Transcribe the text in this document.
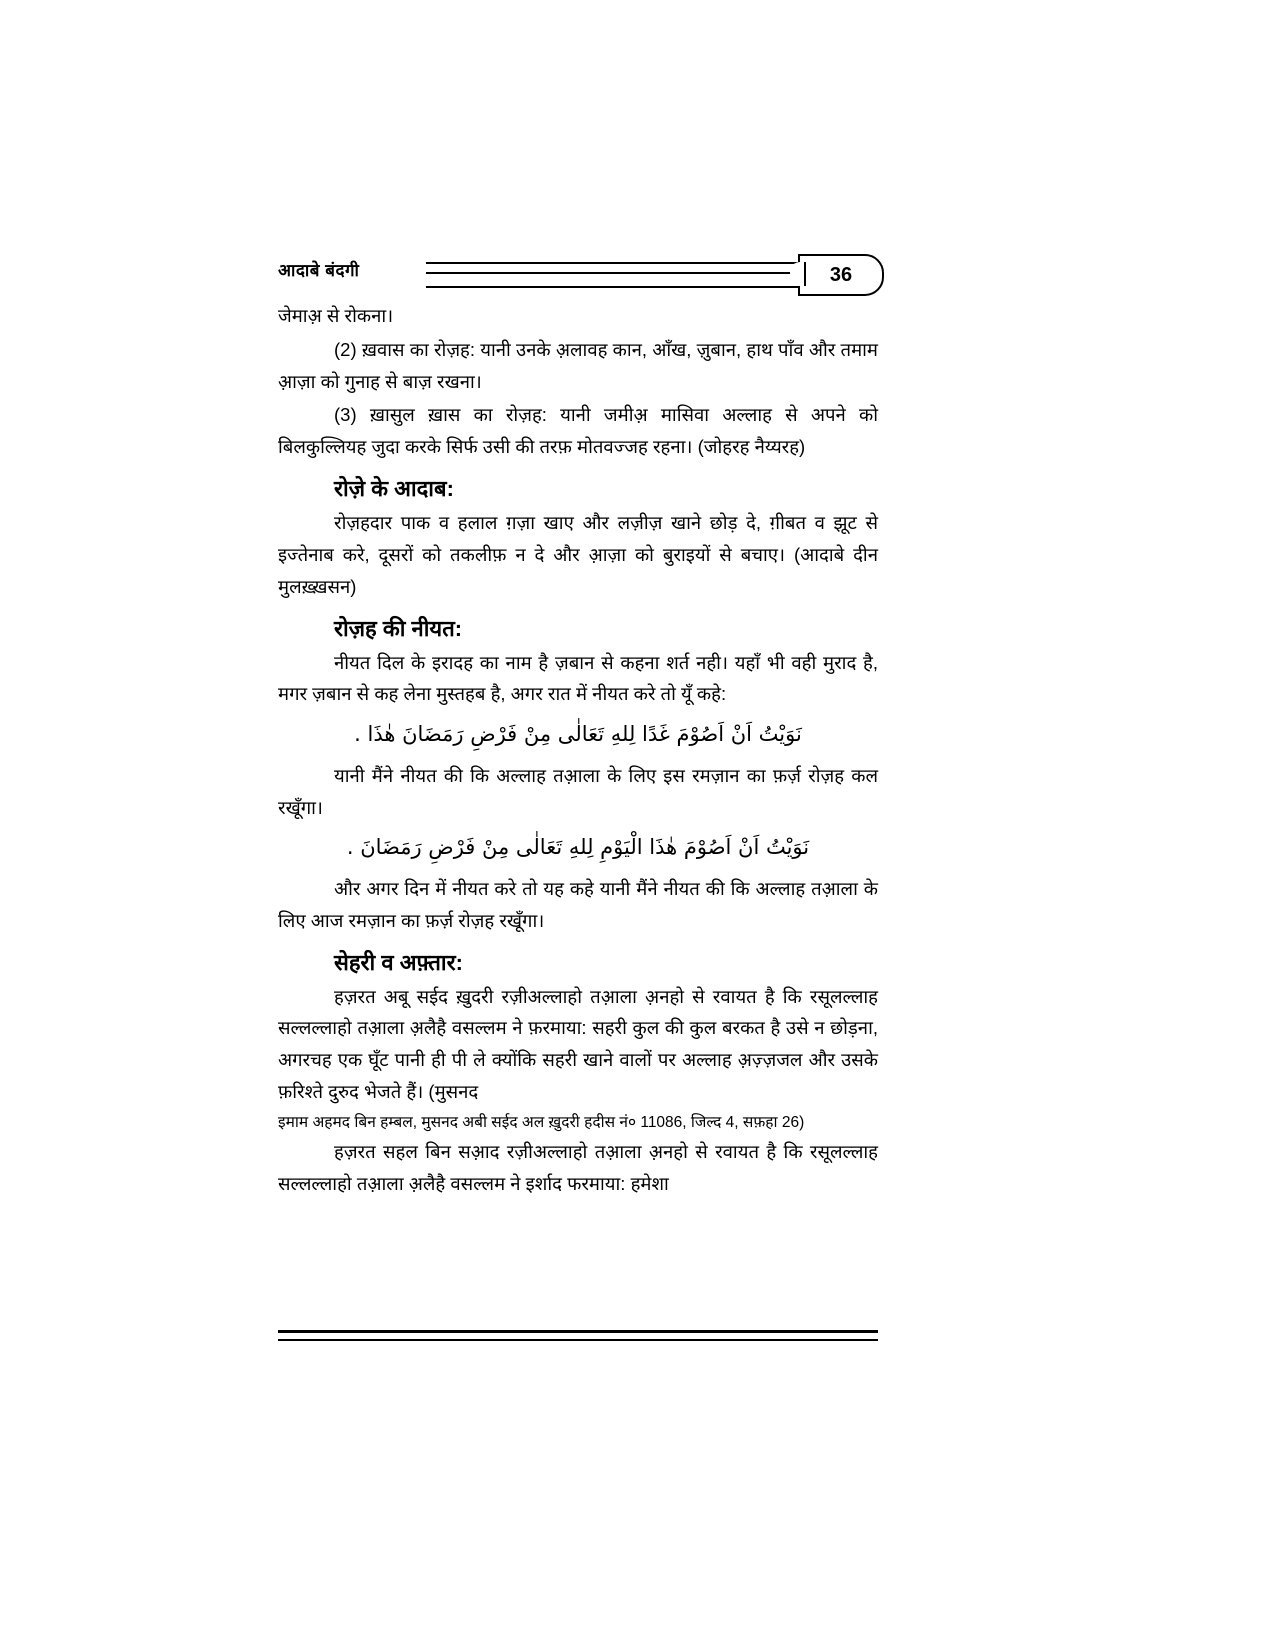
आदाबे बंदगी	36

जेमाअ़ से रोकना।

(2) ख़वास का रोज़ह: यानी उनके अ़लावह कान, आँख, ज़ुबान, हाथ पाँव और तमाम आ़ज़ा को गुनाह से बाज़ रखना।

(3) ख़ासुल ख़ास का रोज़ह: यानी जमीअ़ मासिवा अल्लाह से अपने को बिलकुल्लियह जुदा करके सिर्फ उसी की तरफ़ मोतवज्जह रहना। (जोहरह नैय्यरह)

रोज़े के आदाब:

रोज़हदार पाक व हलाल ग़ज़ा खाए और लज़ीज़ खाने छोड़ दे, ग़ीबत व झूट से इज्तेनाब करे, दूसरों को तकलीफ़ न दे और आ़ज़ा को बुराइयों से बचाए। (आदाबे दीन मुलख़्ख़सन)

रोज़ह की नीयत:

नीयत दिल के इरादह का नाम है ज़बान से कहना शर्त नही। यहाँ भी वही मुराद है, मगर ज़बान से कह लेना मुस्तहब है, अगर रात में नीयत करे तो यूँ कहे:

نَوَيْتُ اَنْ اَصُوْمَ غَدًا لِلهِ تَعَالٰى مِنْ فَرْضِ رَمَضَانَ هٰذَا .

यानी मैंने नीयत की कि अल्लाह तआ़ला के लिए इस रमज़ान का फ़र्ज़ रोज़ह कल रखूँगा।

نَوَيْتُ اَنْ اَصُوْمَ هٰذَا الْيَوْمِ لِلهِ تَعَالٰى مِنْ فَرْضِ رَمَضَانَ .

और अगर दिन में नीयत करे तो यह कहे यानी मैंने नीयत की कि अल्लाह तआ़ला के लिए आज रमज़ान का फ़र्ज़ रोज़ह रखूँगा।

सेहरी व अफ़्तार:

हज़रत अबू सईद ख़ुदरी रज़ीअल्लाहो तआ़ला अ़नहो से रवायत है कि रसूलल्लाह सल्लल्लाहो तआ़ला अ़लैहै वसल्लम ने फ़रमाया: सहरी कुल की कुल बरकत है उसे न छोड़ना, अगरचह एक घूँट पानी ही पी ले क्योंकि सहरी खाने वालों पर अल्लाह अ़ज़्ज़जल और उसके फ़रिश्ते दुरुद भेजते हैं। (मुसनद

इमाम अहमद बिन हम्बल, मुसनद अबी सईद अल ख़ुदरी हदीस नं० 11086, जिल्द 4, सफ़हा 26)

हज़रत सहल बिन सअ़ाद रज़ीअल्लाहो तआ़ला अ़नहो से रवायत है कि रसूलल्लाह सल्लल्लाहो तआ़ला अ़लैहै वसल्लम ने इर्शाद फरमाया: हमेशा
